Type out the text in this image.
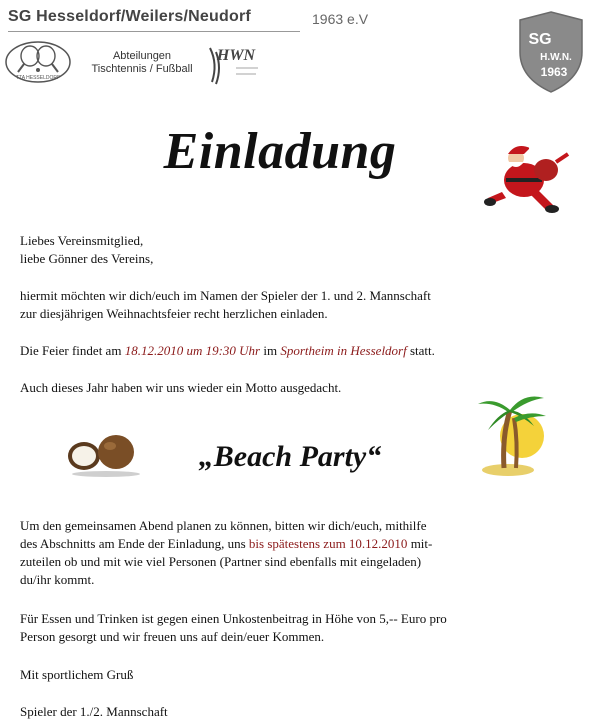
SG Hesseldorf/Weilers/Neudorf	1963 e.V
TTA HESSELDORF
Abteilungen
Tischtennis / Fußball
HWN
SG
H.W.N.
1963
Einladung
Liebes Vereinsmitglied,
liebe Gönner des Vereins,
hiermit möchten wir dich/euch im Namen der Spieler der 1. und 2. Mannschaft
zur diesjährigen Weihnachtsfeier recht herzlichen einladen.
Die Feier findet am 18.12.2010 um 19:30 Uhr im Sportheim in Hesseldorf statt.
Auch dieses Jahr haben wir uns wieder ein Motto ausgedacht.
„Beach Party“
Um den gemeinsamen Abend planen zu können, bitten wir dich/euch, mithilfe
des Abschnitts am Ende der Einladung, uns bis spätestens zum 10.12.2010 mit-
zuteilen ob und mit wie viel Personen (Partner sind ebenfalls mit eingeladen)
du/ihr kommt.
Für Essen und Trinken ist gegen einen Unkostenbeitrag in Höhe von 5,-- Euro pro
Person gesorgt und wir freuen uns auf dein/euer Kommen.
Mit sportlichem Gruß
Spieler der 1./2. Mannschaft
